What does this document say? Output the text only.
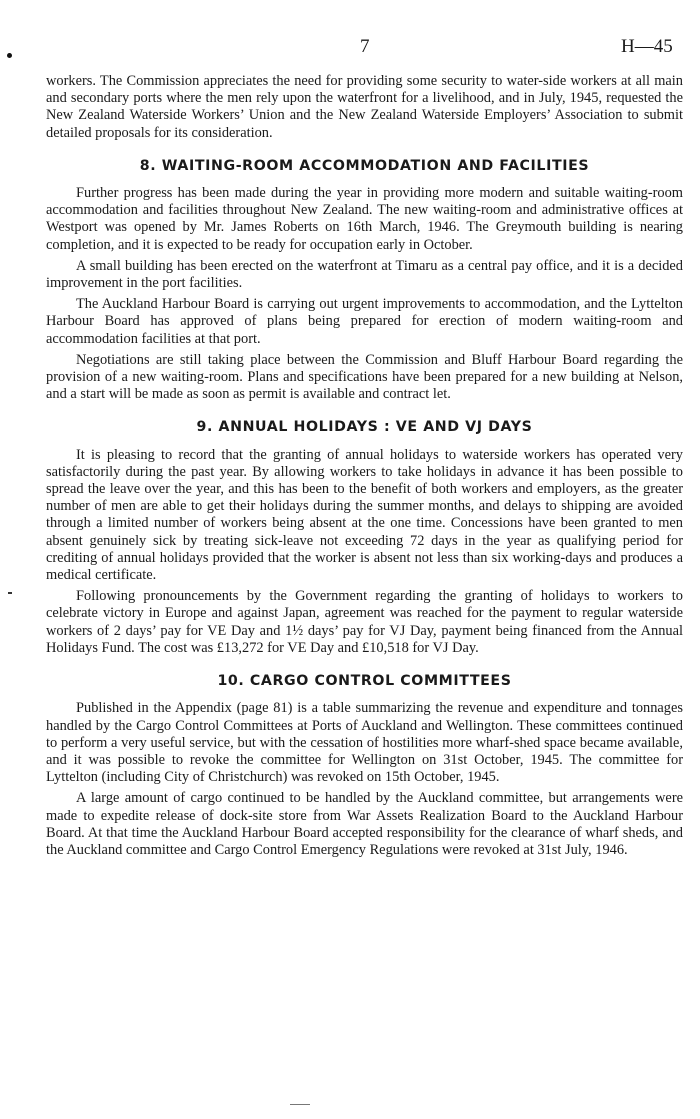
7	H—45

workers. The Commission appreciates the need for providing some security to water-side workers at all main and secondary ports where the men rely upon the waterfront for a livelihood, and in July, 1945, requested the New Zealand Waterside Workers’ Union and the New Zealand Waterside Employers’ Association to submit detailed proposals for its consideration.

8. WAITING-ROOM ACCOMMODATION AND FACILITIES

Further progress has been made during the year in providing more modern and suitable waiting-room accommodation and facilities throughout New Zealand. The new waiting-room and administrative offices at Westport was opened by Mr. James Roberts on 16th March, 1946. The Greymouth building is nearing completion, and it is expected to be ready for occupation early in October.

A small building has been erected on the waterfront at Timaru as a central pay office, and it is a decided improvement in the port facilities.

The Auckland Harbour Board is carrying out urgent improvements to accommodation, and the Lyttelton Harbour Board has approved of plans being prepared for erection of modern waiting-room and accommodation facilities at that port.

Negotiations are still taking place between the Commission and Bluff Harbour Board regarding the provision of a new waiting-room. Plans and specifications have been prepared for a new building at Nelson, and a start will be made as soon as permit is available and contract let.

9. ANNUAL HOLIDAYS : VE AND VJ DAYS

It is pleasing to record that the granting of annual holidays to waterside workers has operated very satisfactorily during the past year. By allowing workers to take holidays in advance it has been possible to spread the leave over the year, and this has been to the benefit of both workers and employers, as the greater number of men are able to get their holidays during the summer months, and delays to shipping are avoided through a limited number of workers being absent at the one time. Concessions have been granted to men absent genuinely sick by treating sick-leave not exceeding 72 days in the year as qualifying period for crediting of annual holidays provided that the worker is absent not less than six working-days and produces a medical certificate.

Following pronouncements by the Government regarding the granting of holidays to workers to celebrate victory in Europe and against Japan, agreement was reached for the payment to regular waterside workers of 2 days’ pay for VE Day and 1½ days’ pay for VJ Day, payment being financed from the Annual Holidays Fund. The cost was £13,272 for VE Day and £10,518 for VJ Day.

10. CARGO CONTROL COMMITTEES

Published in the Appendix (page 81) is a table summarizing the revenue and expenditure and tonnages handled by the Cargo Control Committees at Ports of Auckland and Wellington. These committees continued to perform a very useful service, but with the cessation of hostilities more wharf-shed space became available, and it was possible to revoke the committee for Wellington on 31st October, 1945. The committee for Lyttelton (including City of Christchurch) was revoked on 15th October, 1945.

A large amount of cargo continued to be handled by the Auckland committee, but arrangements were made to expedite release of dock-site store from War Assets Realization Board to the Auckland Harbour Board. At that time the Auckland Harbour Board accepted responsibility for the clearance of wharf sheds, and the Auckland committee and Cargo Control Emergency Regulations were revoked at 31st July, 1946.
